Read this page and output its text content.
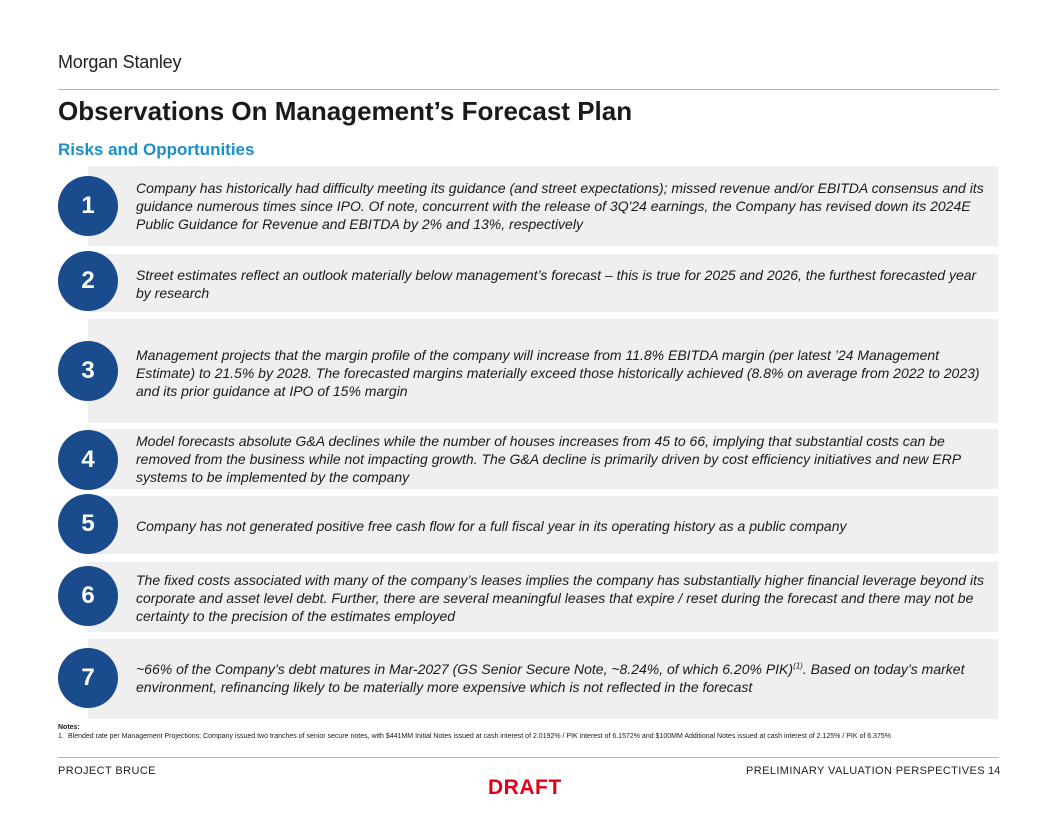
Morgan Stanley
Observations On Management’s Forecast Plan
Risks and Opportunities
1
Company has historically had difficulty meeting its guidance (and street expectations); missed revenue and/or EBITDA consensus and its guidance numerous times since IPO. Of note, concurrent with the release of 3Q'24 earnings, the Company has revised down its 2024E Public Guidance for Revenue and EBITDA by 2% and 13%, respectively
2	Street estimates reflect an outlook materially below management’s forecast – this is true for 2025 and 2026, the furthest forecasted year by research
3
Management projects that the margin profile of the company will increase from 11.8% EBITDA margin (per latest ’24 Management Estimate) to 21.5% by 2028. The forecasted margins materially exceed those historically achieved (8.8% on average from 2022 to 2023) and its prior guidance at IPO of 15% margin
4
Model forecasts absolute G&A declines while the number of houses increases from 45 to 66, implying that substantial costs can be removed from the business while not impacting growth. The G&A decline is primarily driven by cost efficiency initiatives and new ERP systems to be implemented by the company
5	Company has not generated positive free cash flow for a full fiscal year in its operating history as a public company
6
The fixed costs associated with many of the company’s leases implies the company has substantially higher financial leverage beyond its corporate and asset level debt. Further, there are several meaningful leases that expire / reset during the forecast and there may not be certainty to the precision of the estimates employed
7	~66% of the Company’s debt matures in Mar-2027 (GS Senior Secure Note, ~8.24%, of which 6.20% PIK)$^{(1)}$. Based on today’s market environment, refinancing likely to be materially more expensive which is not reflected in the forecast
Notes:
1. Blended rate per Management Projections; Company issued two tranches of senior secure notes, with $441MM Initial Notes issued at cash interest of 2.0192% / PIK interest of 6.1572% and $100MM Additional Notes issued at cash interest of 2.125% / PIK of 6.375%
PROJECT BRUCE	PRELIMINARY VALUATION PERSPECTIVES 14
DRAFT
